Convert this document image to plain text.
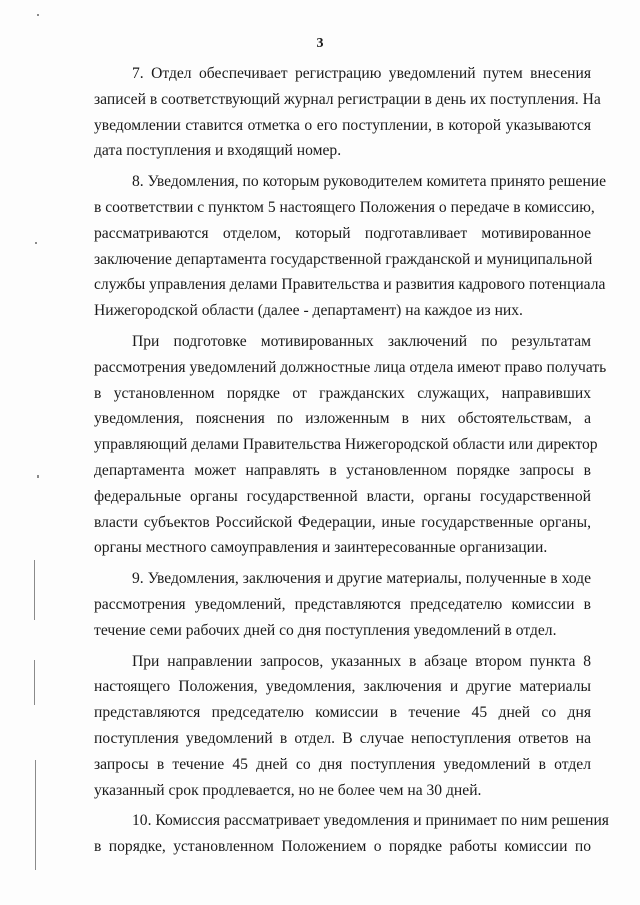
3
7. Отдел обеспечивает регистрацию уведомлений путем внесения
записей в соответствующий журнал регистрации в день их поступления. На
уведомлении ставится отметка о его поступлении, в которой указываются
дата поступления и входящий номер.
8. Уведомления, по которым руководителем комитета принято решение
в соответствии с пунктом 5 настоящего Положения о передаче в комиссию,
рассматриваются отделом, который подготавливает мотивированное
заключение департамента государственной гражданской и муниципальной
службы управления делами Правительства и развития кадрового потенциала
Нижегородской области (далее - департамент) на каждое из них.
При подготовке мотивированных заключений по результатам
рассмотрения уведомлений должностные лица отдела имеют право получать
в установленном порядке от гражданских служащих, направивших
уведомления, пояснения по изложенным в них обстоятельствам, а
управляющий делами Правительства Нижегородской области или директор
департамента может направлять в установленном порядке запросы в
федеральные органы государственной власти, органы государственной
власти субъектов Российской Федерации, иные государственные органы,
органы местного самоуправления и заинтересованные организации.
9. Уведомления, заключения и другие материалы, полученные в ходе
рассмотрения уведомлений, представляются председателю комиссии в
течение семи рабочих дней со дня поступления уведомлений в отдел.
При направлении запросов, указанных в абзаце втором пункта 8
настоящего Положения, уведомления, заключения и другие материалы
представляются председателю комиссии в течение 45 дней со дня
поступления уведомлений в отдел. В случае непоступления ответов на
запросы в течение 45 дней со дня поступления уведомлений в отдел
указанный срок продлевается, но не более чем на 30 дней.
10. Комиссия рассматривает уведомления и принимает по ним решения
в порядке, установленном Положением о порядке работы комиссии по
